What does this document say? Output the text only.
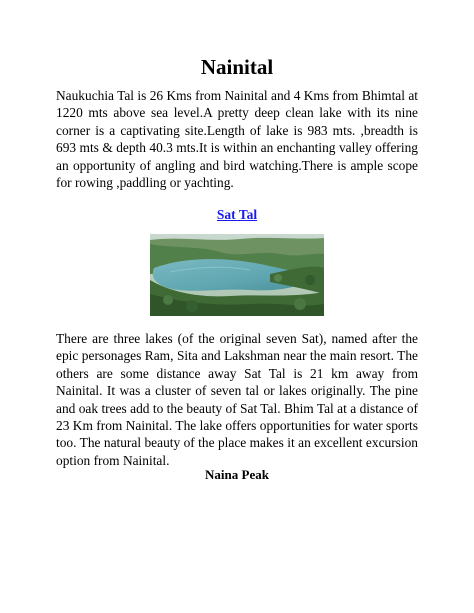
Nainital

Naukuchia Tal is 26 Kms from Nainital and 4 Kms from Bhimtal at 1220 mts above sea level.A pretty deep clean lake with its nine corner is a captivating site.Length of lake is 983 mts. ,breadth is 693 mts & depth 40.3 mts.It is within an enchanting valley offering an opportunity of angling and bird watching.There is ample scope for rowing ,paddling or yachting.

Sat Tal

There are three lakes (of the original seven Sat), named after the epic personages Ram, Sita and Lakshman near the main resort. The others are some distance away Sat Tal is 21 km away from Nainital. It was a cluster of seven tal or lakes originally. The pine and oak trees add to the beauty of Sat Tal. Bhim Tal at a distance of 23 Km from Nainital. The lake offers opportunities for water sports too. The natural beauty of the place makes it an excellent excursion option from Nainital.

Naina Peak
